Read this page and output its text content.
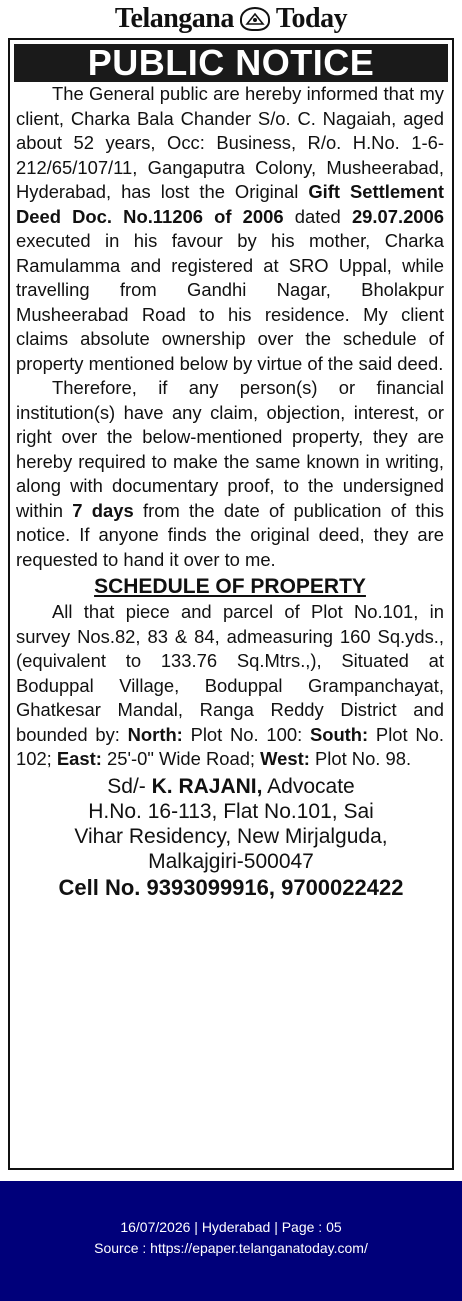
Telangana Today
PUBLIC NOTICE

The General public are hereby informed that my client, Charka Bala Chander S/o. C. Nagaiah, aged about 52 years, Occ: Business, R/o. H.No. 1-6-212/65/107/11, Gangaputra Colony, Musheerabad, Hyderabad, has lost the Original Gift Settlement Deed Doc. No.11206 of 2006 dated 29.07.2006 executed in his favour by his mother, Charka Ramulamma and registered at SRO Uppal, while travelling from Gandhi Nagar, Bholakpur Musheerabad Road to his residence. My client claims absolute ownership over the schedule of property mentioned below by virtue of the said deed.

Therefore, if any person(s) or financial institution(s) have any claim, objection, interest, or right over the below-mentioned property, they are hereby required to make the same known in writing, along with documentary proof, to the undersigned within 7 days from the date of publication of this notice. If anyone finds the original deed, they are requested to hand it over to me.

SCHEDULE OF PROPERTY

All that piece and parcel of Plot No.101, in survey Nos.82, 83 & 84, admeasuring 160 Sq.yds., (equivalent to 133.76 Sq.Mtrs.,), Situated at Boduppal Village, Boduppal Grampanchayat, Ghatkesar Mandal, Ranga Reddy District and bounded by: North: Plot No. 100: South: Plot No. 102; East: 25'-0" Wide Road; West: Plot No. 98.

Sd/- K. RAJANI, Advocate
H.No. 16-113, Flat No.101, Sai
Vihar Residency, New Mirjalguda,
Malkajgiri-500047
Cell No. 9393099916, 9700022422
16/07/2026 | Hyderabad | Page : 05
Source : https://epaper.telanganatoday.com/
